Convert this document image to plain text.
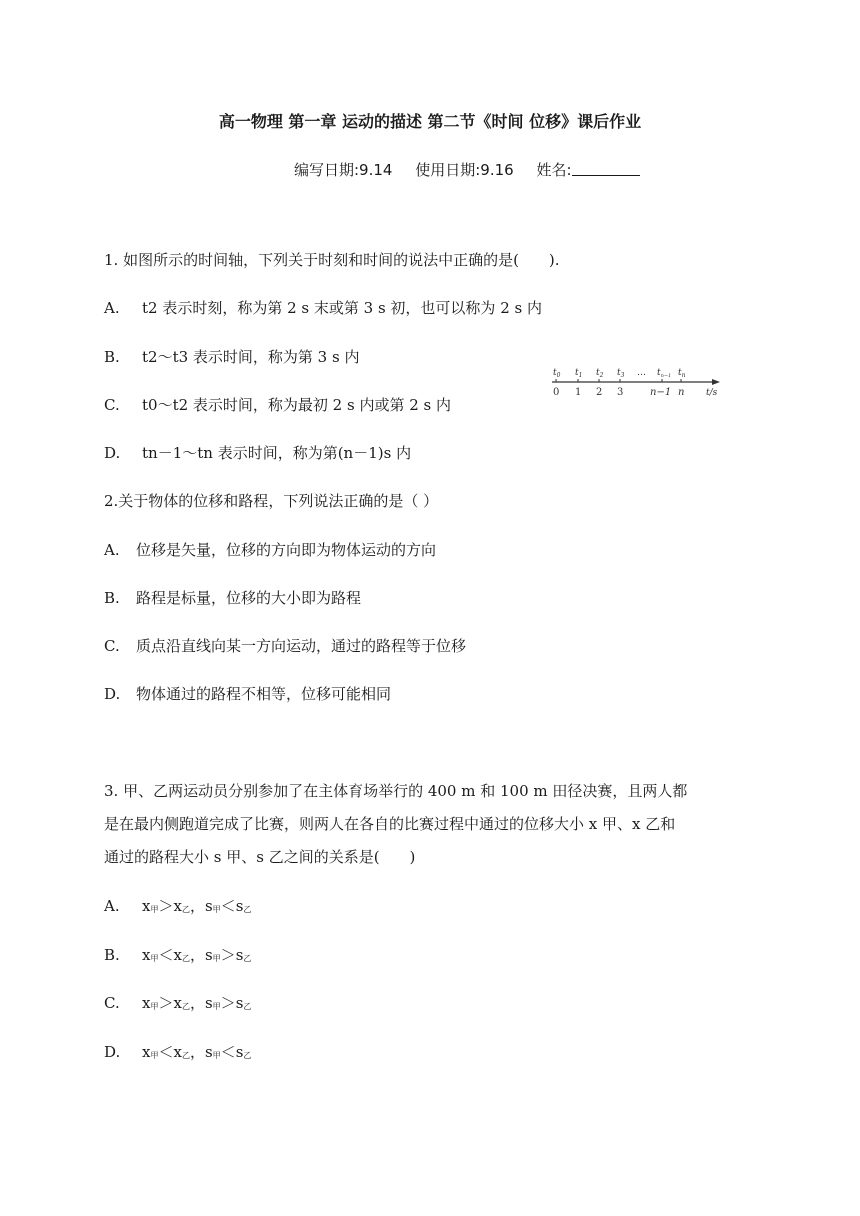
高一物理 第一章 运动的描述 第二节《时间 位移》课后作业
编写日期:9.14 使用日期:9.16 姓名:
1. 如图所示的时间轴，下列关于时刻和时间的说法中正确的是(　　).
A. t2 表示时刻，称为第 2 s 末或第 3 s 初，也可以称为 2 s 内
B. t2～t3 表示时间，称为第 3 s 内
C. t0～t2 表示时间，称为最初 2 s 内或第 2 s 内
D. tn－1～tn 表示时间，称为第(n－1)s 内
$t_0$ $t_1$ $t_2$ $t_3$ … $t_{n-1}$ $t_n$
0 1 2 3	n−1 n t/s
2.关于物体的位移和路程，下列说法正确的是（ ）
A. 位移是矢量，位移的方向即为物体运动的方向
B. 路程是标量，位移的大小即为路程
C. 质点沿直线向某一方向运动，通过的路程等于位移
D. 物体通过的路程不相等，位移可能相同
3. 甲、乙两运动员分别参加了在主体育场举行的 400 m 和 100 m 田径决赛，且两人都
是在最内侧跑道完成了比赛，则两人在各自的比赛过程中通过的位移大小 x 甲、x 乙和
通过的路程大小 s 甲、s 乙之间的关系是(　　)
A. x甲＞x乙，s甲＜s乙
B. x甲＜x乙，s甲＞s乙
C. x甲＞x乙，s甲＞s乙
D. x甲＜x乙，s甲＜s乙
